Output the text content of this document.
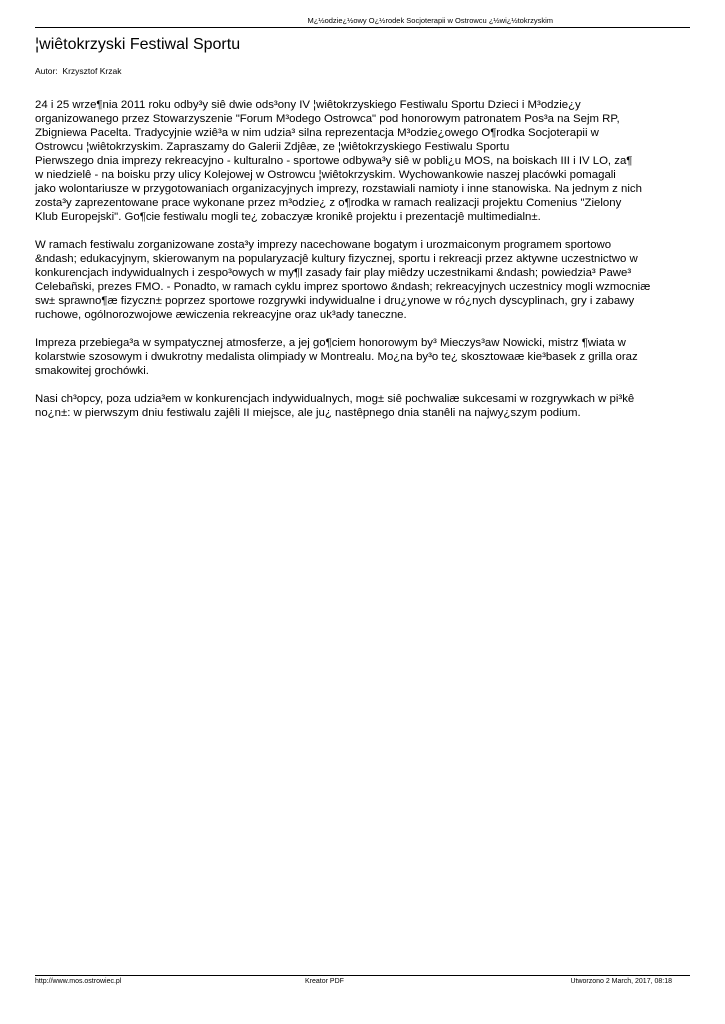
M¿½odzie¿½owy O¿½rodek Socjoterapii w Ostrowcu ¿½wi¿½tokrzyskim
¦wiêtokrzyski Festiwal Sportu
Autor:  Krzysztof Krzak

24 i 25 wrze¶nia 2011 roku odby³y siê dwie ods³ony IV ¦wiêtokrzyskiego Festiwalu Sportu Dzieci i M³odzie¿y
organizowanego przez Stowarzyszenie "Forum M³odego Ostrowca" pod honorowym patronatem Pos³a na Sejm RP,
Zbigniewa Pacelta. Tradycyjnie wziê³a w nim udzia³ silna reprezentacja M³odzie¿owego O¶rodka Socjoterapii w
Ostrowcu ¦wiêtokrzyskim. Zapraszamy do Galerii Zdjêæ, ze ¦wiêtokrzyskiego Festiwalu Sportu
Pierwszego dnia imprezy rekreacyjno - kulturalno - sportowe odbywa³y siê w pobli¿u MOS, na boiskach III i IV LO, za¶
w niedzielê - na boisku przy ulicy Kolejowej w Ostrowcu ¦wiêtokrzyskim. Wychowankowie naszej placówki pomagali
jako wolontariusze w przygotowaniach organizacyjnych imprezy, rozstawiali namioty i inne stanowiska. Na jednym z nich
zosta³y zaprezentowane prace wykonane przez m³odzie¿ z o¶rodka w ramach realizacji projektu Comenius "Zielony
Klub Europejski". Go¶cie festiwalu mogli te¿ zobaczyæ kronikê projektu i prezentacjê multimedialn±.

W ramach festiwalu zorganizowane zosta³y imprezy nacechowane bogatym i urozmaiconym programem sportowo
&ndash; edukacyjnym, skierowanym na popularyzacjê kultury fizycznej, sportu i rekreacji przez aktywne uczestnictwo w
konkurencjach indywidualnych i zespo³owych w my¶l zasady fair play miêdzy uczestnikami &ndash; powiedzia³ Pawe³
Celebañski, prezes FMO. - Ponadto, w ramach cyklu imprez sportowo &ndash; rekreacyjnych uczestnicy mogli wzmocniæ
sw± sprawno¶æ fizyczn± poprzez sportowe rozgrywki indywidualne i dru¿ynowe w ró¿nych dyscyplinach, gry i zabawy
ruchowe, ogólnorozwojowe æwiczenia rekreacyjne oraz uk³ady taneczne.

Impreza przebiega³a w sympatycznej atmosferze, a jej go¶ciem honorowym by³ Mieczys³aw Nowicki, mistrz ¶wiata w
kolarstwie szosowym i dwukrotny medalista olimpiady w Montrealu. Mo¿na by³o te¿ skosztowaæ kie³basek z grilla oraz
smakowitej grochówki.

Nasi ch³opcy, poza udzia³em w konkurencjach indywidualnych, mog± siê pochwaliæ sukcesami w rozgrywkach w pi³kê
no¿n±: w pierwszym dniu festiwalu zajêli II miejsce, ale ju¿ nastêpnego dnia stanêli na najwy¿szym podium.

http://www.mos.ostrowiec.pl	Kreator PDF	Utworzono 2 March, 2017, 08:18
